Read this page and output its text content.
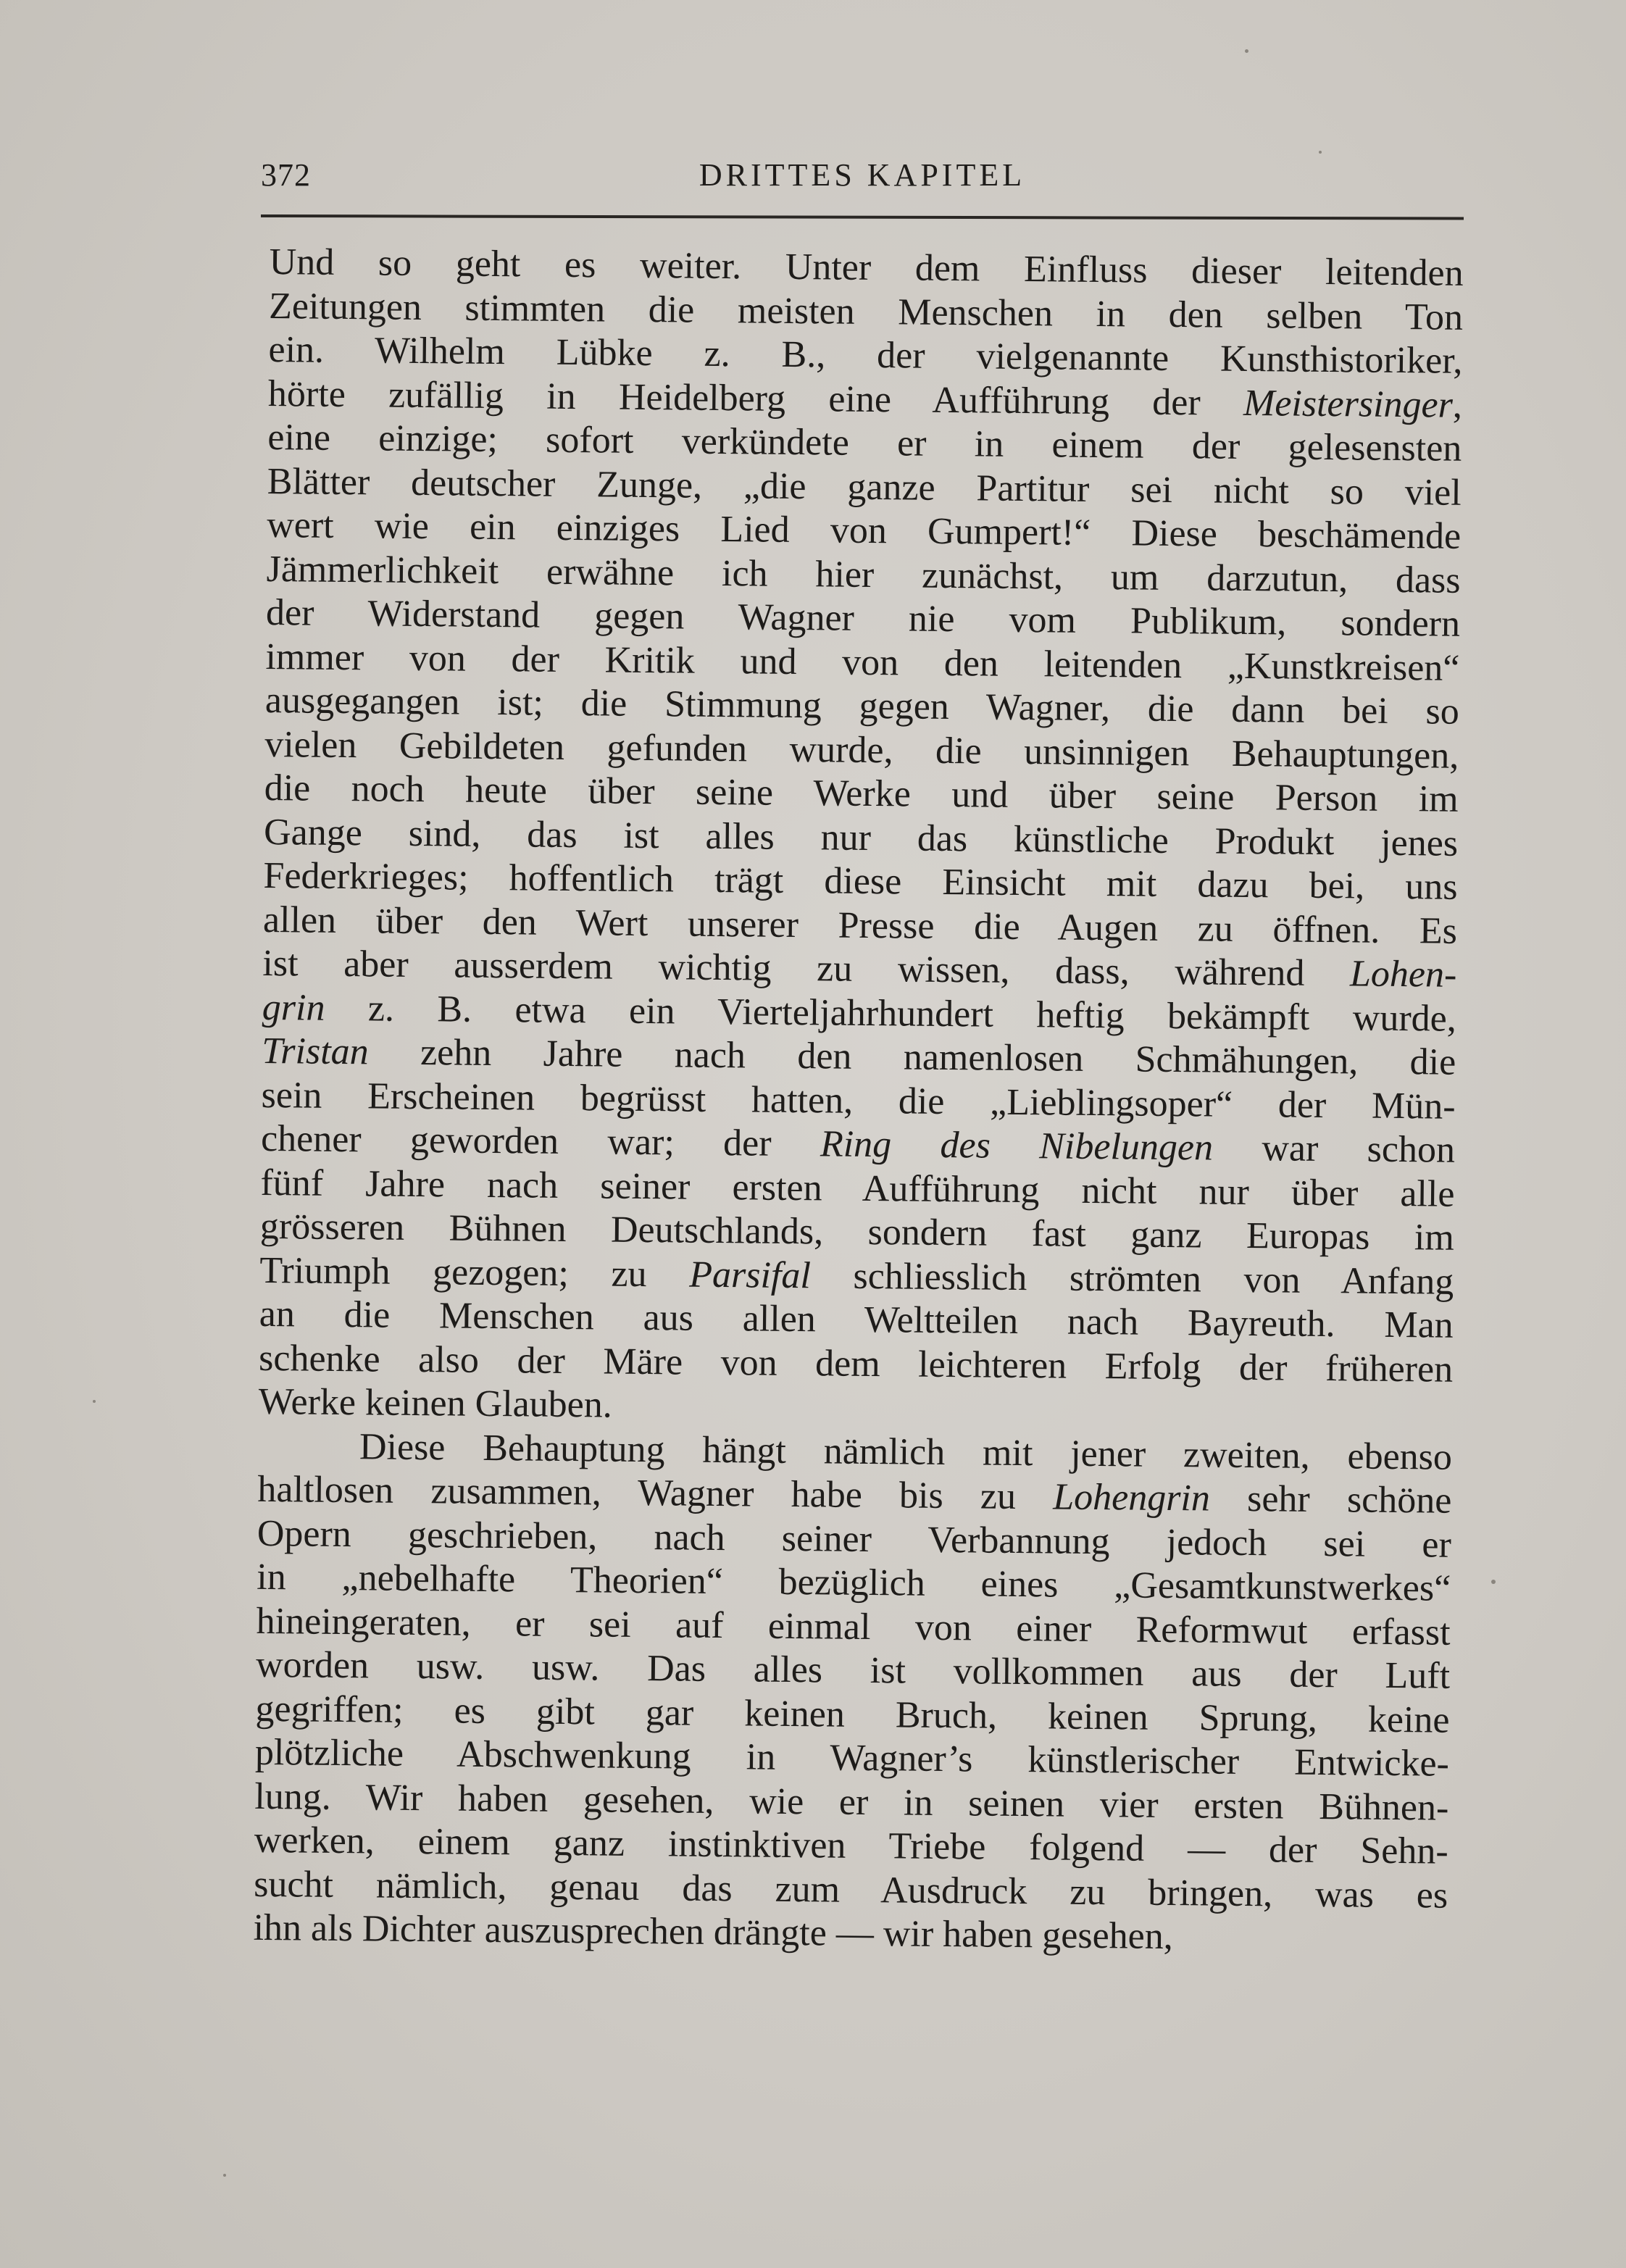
372	DRITTES KAPITEL
Und so geht es weiter. Unter dem Einfluss dieser leitenden
Zeitungen stimmten die meisten Menschen in den selben Ton
ein. Wilhelm Lübke z. B., der vielgenannte Kunsthistoriker,
hörte zufällig in Heidelberg eine Aufführung der Meistersinger,
eine einzige; sofort verkündete er in einem der gelesensten
Blätter deutscher Zunge, „die ganze Partitur sei nicht so viel
wert wie ein einziges Lied von Gumpert!“ Diese beschämende
Jämmerlichkeit erwähne ich hier zunächst, um darzutun, dass
der Widerstand gegen Wagner nie vom Publikum, sondern
immer von der Kritik und von den leitenden „Kunstkreisen“
ausgegangen ist; die Stimmung gegen Wagner, die dann bei so
vielen Gebildeten gefunden wurde, die unsinnigen Behauptungen,
die noch heute über seine Werke und über seine Person im
Gange sind, das ist alles nur das künstliche Produkt jenes
Federkrieges; hoffentlich trägt diese Einsicht mit dazu bei, uns
allen über den Wert unserer Presse die Augen zu öffnen. Es
ist aber ausserdem wichtig zu wissen, dass, während Lohen-
grin z. B. etwa ein Vierteljahrhundert heftig bekämpft wurde,
Tristan zehn Jahre nach den namenlosen Schmähungen, die
sein Erscheinen begrüsst hatten, die „Lieblingsoper“ der Mün-
chener geworden war; der Ring des Nibelungen war schon
fünf Jahre nach seiner ersten Aufführung nicht nur über alle
grösseren Bühnen Deutschlands, sondern fast ganz Europas im
Triumph gezogen; zu Parsifal schliesslich strömten von Anfang
an die Menschen aus allen Weltteilen nach Bayreuth. Man
schenke also der Märe von dem leichteren Erfolg der früheren
Werke keinen Glauben.
Diese Behauptung hängt nämlich mit jener zweiten, ebenso
haltlosen zusammen, Wagner habe bis zu Lohengrin sehr schöne
Opern geschrieben, nach seiner Verbannung jedoch sei er
in „nebelhafte Theorien“ bezüglich eines „Gesamtkunstwerkes“
hineingeraten, er sei auf einmal von einer Reformwut erfasst
worden usw. usw. Das alles ist vollkommen aus der Luft
gegriffen; es gibt gar keinen Bruch, keinen Sprung, keine
plötzliche Abschwenkung in Wagner’s künstlerischer Entwicke-
lung. Wir haben gesehen, wie er in seinen vier ersten Bühnen-
werken, einem ganz instinktiven Triebe folgend — der Sehn-
sucht nämlich, genau das zum Ausdruck zu bringen, was es
ihn als Dichter auszusprechen drängte — wir haben gesehen,
